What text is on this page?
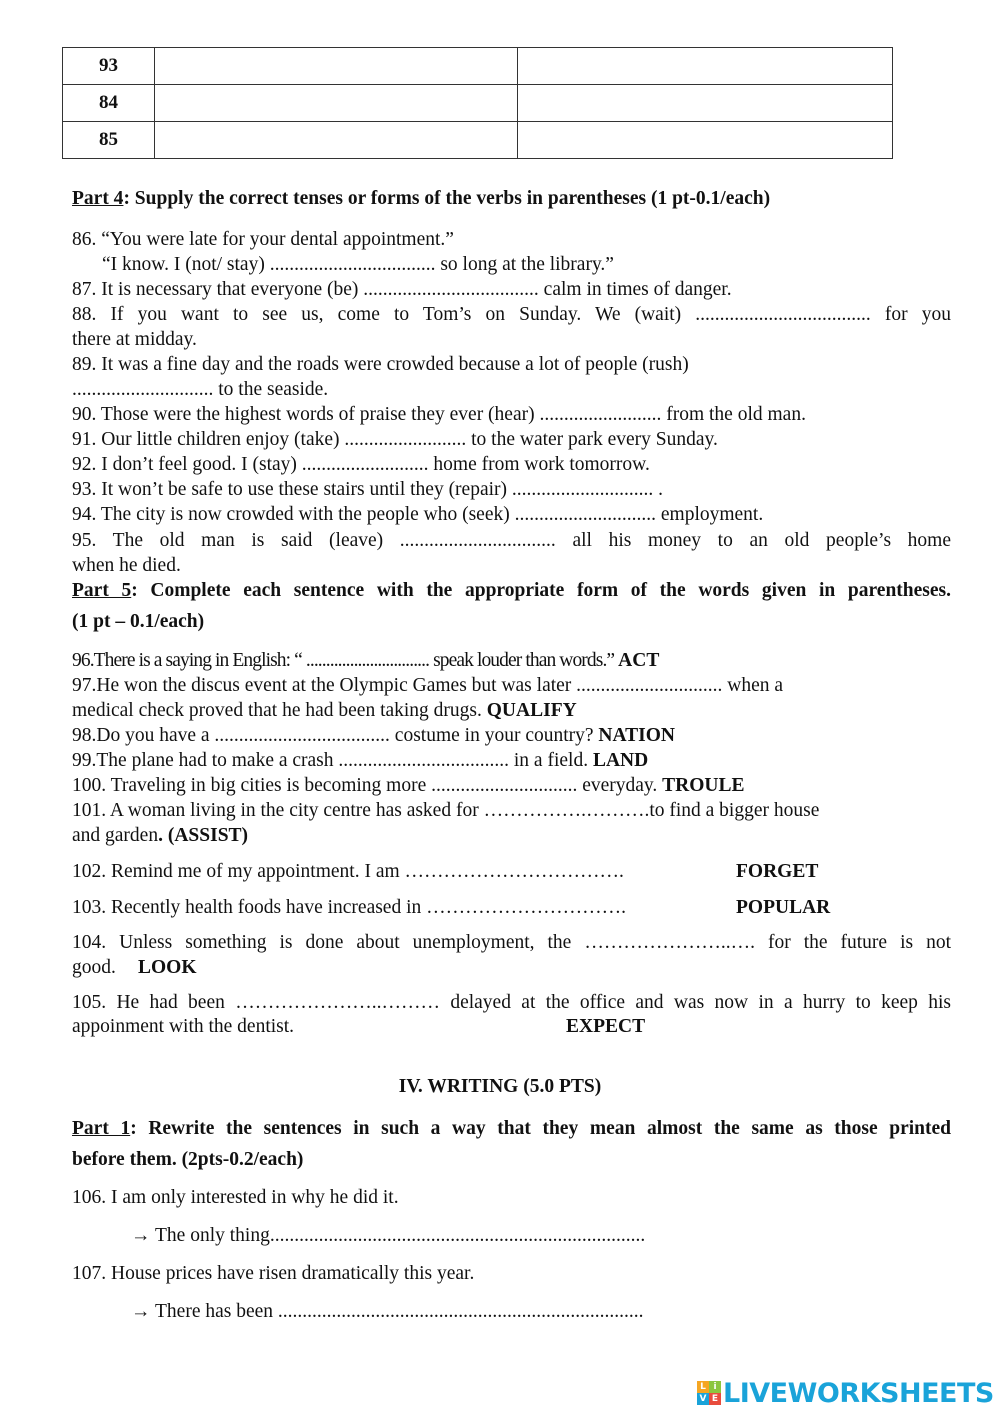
93		
84		
85		
Part 4: Supply the correct tenses or forms of the verbs in parentheses (1 pt-0.1/each)
86. “You were late for your dental appointment.”
“I know. I (not/ stay) .................................. so long at the library.”
87. It is necessary that everyone (be) .................................... calm in times of danger.
88. If you want to see us, come to Tom’s on Sunday. We (wait) .................................... for you
there at midday.
89. It was a fine day and the roads were crowded because a lot of people (rush)
............................. to the seaside.
90. Those were the highest words of praise they ever (hear) ......................... from the old man.
91. Our little children enjoy (take) ......................... to the water park every Sunday.
92. I don’t feel good. I (stay) .......................... home from work tomorrow.
93. It won’t be safe to use these stairs until they (repair) ............................. .
94. The city is now crowded with the people who (seek) ............................. employment.
95. The old man is said (leave) ................................ all his money to an old people’s home
when he died.
Part 5: Complete each sentence with the appropriate form of the words given in parentheses.
(1 pt – 0.1/each)
96.There is a saying in English: “ ............................... speak louder than words.” ACT
97.He won the discus event at the Olympic Games but was later .............................. when a
medical check proved that he had been taking drugs. QUALIFY
98.Do you have a .................................... costume in your country? NATION
99.The plane had to make a crash ................................... in a field. LAND
100. Traveling in big cities is becoming more .............................. everyday. TROULE
101. A woman living in the city centre has asked for …………….……….to find a bigger house
and garden. (ASSIST)
102. Remind me of my appointment. I am …………………………….	FORGET
103. Recently health foods have increased in ………………………….	POPULAR
104. Unless something is done about unemployment, the …………………..…. for the future is not
good. LOOK
105. He had been …………………..……… delayed at the office and was now in a hurry to keep his
appoinment with the dentist.	EXPECT
IV. WRITING (5.0 PTS)
Part 1: Rewrite the sentences in such a way that they mean almost the same as those printed
before them. (2pts-0.2/each)
106. I am only interested in why he did it.
→ The only thing.............................................................................
107. House prices have risen dramatically this year.
→ There has been ...........................................................................
L i
V E LIVEWORKSHEETS
